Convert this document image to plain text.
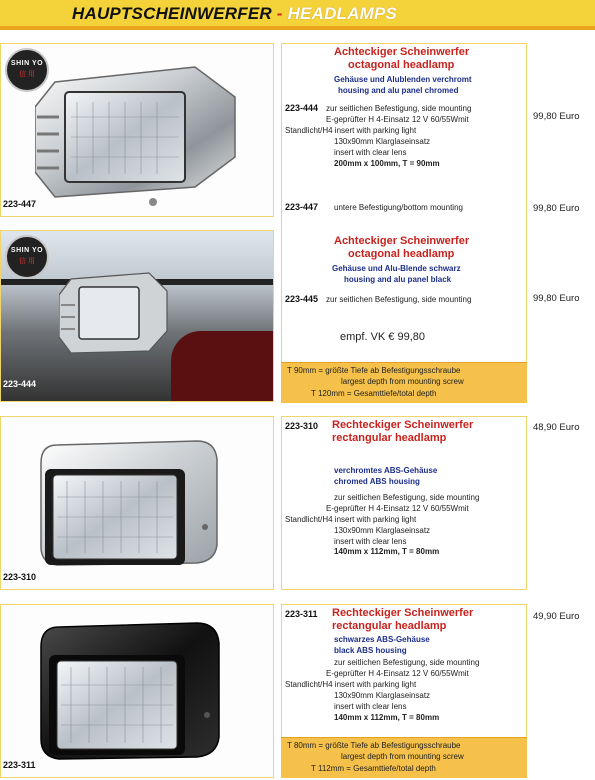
HAUPTSCHEINWERFER - HEADLAMPS
SHIN YO
信 用
223-447
SHIN YO
信 用
223-444
223-310
223-311
Achteckiger Scheinwerfer
octagonal headlamp
Gehäuse und Alublenden verchromt
housing and alu panel chromed
223-444 zur seitlichen Befestigung, side mounting
E-geprüfter H 4-Einsatz 12 V 60/55Wmit
Standlicht/H4 insert with parking light
130x90mm Klarglaseinsatz
insert with clear lens
200mm x 100mm, T = 90mm
223-447 untere Befestigung/bottom mounting
Achteckiger Scheinwerfer
octagonal headlamp
Gehäuse und Alu-Blende schwarz
housing and alu panel black
223-445 zur seitlichen Befestigung, side mounting
empf. VK € 99,80
T 90mm = größte Tiefe ab Befestigungsschraube
largest depth from mounting screw
T 120mm = Gesamttiefe/total depth
99,80 Euro
99,80 Euro
99,80 Euro
48,90 Euro
49,90 Euro
223-310 Rechteckiger Scheinwerfer
rectangular headlamp
verchromtes ABS-Gehäuse
chromed ABS housing
zur seitlichen Befestigung, side mounting
E-geprüfter H 4-Einsatz 12 V 60/55Wmit
Standlicht/H4 insert with parking light
130x90mm Klarglaseinsatz
insert with clear lens
140mm x 112mm, T = 80mm
223-311 Rechteckiger Scheinwerfer
rectangular headlamp
schwarzes ABS-Gehäuse
black ABS housing
zur seitlichen Befestigung, side mounting
E-geprüfter H 4-Einsatz 12 V 60/55Wmit
Standlicht/H4 insert with parking light
130x90mm Klarglaseinsatz
insert with clear lens
140mm x 112mm, T = 80mm
T 80mm = größte Tiefe ab Befestigungsschraube
largest depth from mounting screw
T 112mm = Gesamttiefe/total depth
